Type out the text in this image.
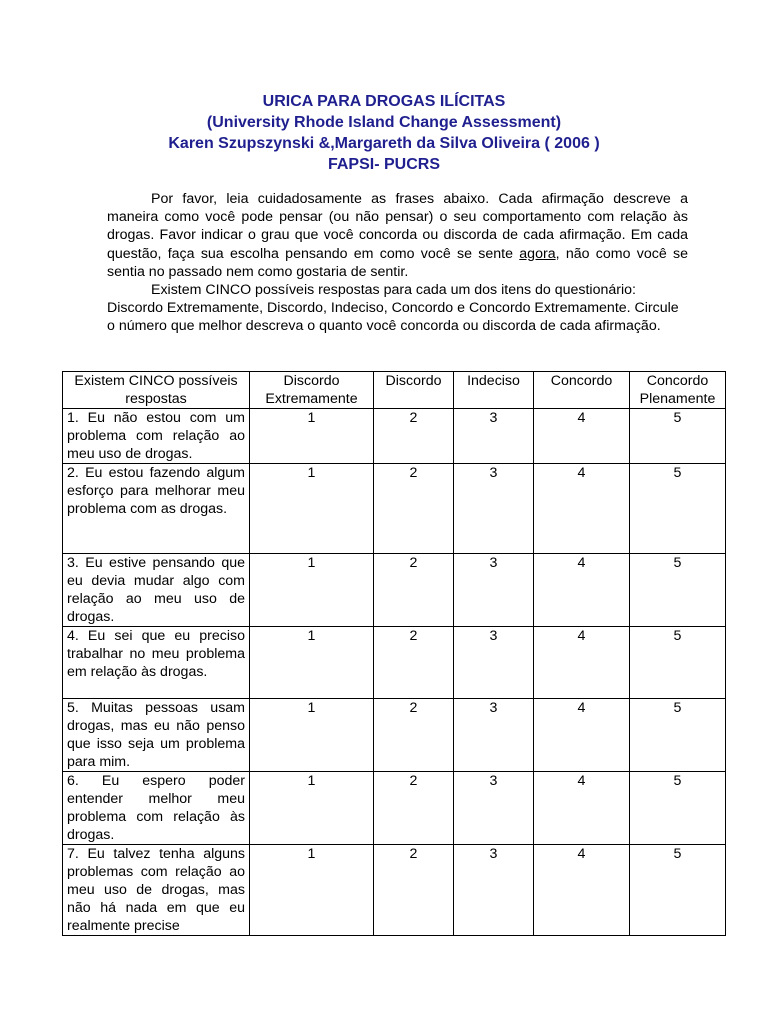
URICA PARA DROGAS ILÍCITAS
(University Rhode Island Change Assessment)
Karen Szupszynski &,Margareth da Silva Oliveira ( 2006 )
FAPSI- PUCRS

Por favor, leia cuidadosamente as frases abaixo. Cada afirmação descreve a maneira como você pode pensar (ou não pensar) o seu comportamento com relação às drogas. Favor indicar o grau que você concorda ou discorda de cada afirmação. Em cada questão, faça sua escolha pensando em como você se sente agora, não como você se sentia no passado nem como gostaria de sentir.

Existem CINCO possíveis respostas para cada um dos itens do questionário: Discordo Extremamente, Discordo, Indeciso, Concordo e Concordo Extremamente. Circule o número que melhor descreva o quanto você concorda ou discorda de cada afirmação.

Existem CINCO possíveis respostas	Discordo Extremamente	Discordo	Indeciso	Concordo	Concordo Plenamente
1. Eu não estou com um problema com relação ao meu uso de drogas.	1	2	3	4	5
2. Eu estou fazendo algum esforço para melhorar meu problema com as drogas.	1	2	3	4	5
3. Eu estive pensando que eu devia mudar algo com relação ao meu uso de drogas.	1	2	3	4	5
4. Eu sei que eu preciso trabalhar no meu problema em relação às drogas.	1	2	3	4	5
5. Muitas pessoas usam drogas, mas eu não penso que isso seja um problema para mim.	1	2	3	4	5
6. Eu espero poder entender melhor meu problema com relação às drogas.	1	2	3	4	5
7. Eu talvez tenha alguns problemas com relação ao meu uso de drogas, mas não há nada em que eu realmente precise	1	2	3	4	5
